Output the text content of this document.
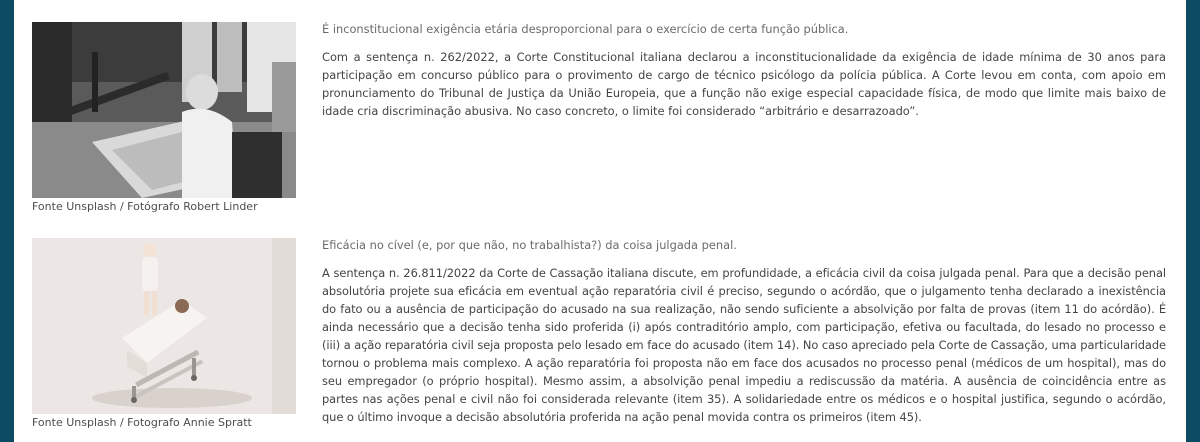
Fonte Unsplash / Fotógrafo Robert Linder

É inconstitucional exigência etária desproporcional para o exercício de certa função pública.

Com a sentença n. 262/2022, a Corte Constitucional italiana declarou a inconstitucionalidade da exigência de idade mínima de 30 anos para participação em concurso público para o provimento de cargo de técnico psicólogo da polícia pública. A Corte levou em conta, com apoio em pronunciamento do Tribunal de Justiça da União Europeia, que a função não exige especial capacidade física, de modo que limite mais baixo de idade cria discriminação abusiva. No caso concreto, o limite foi considerado “arbitrário e desarrazoado”.

Fonte Unsplash / Fotografo Annie Spratt

Eficácia no cível (e, por que não, no trabalhista?) da coisa julgada penal.

A sentença n. 26.811/2022 da Corte de Cassação italiana discute, em profundidade, a eficácia civil da coisa julgada penal. Para que a decisão penal absolutória projete sua eficácia em eventual ação reparatória civil é preciso, segundo o acórdão, que o julgamento tenha declarado a inexistência do fato ou a ausência de participação do acusado na sua realização, não sendo suficiente a absolvição por falta de provas (item 11 do acórdão). É ainda necessário que a decisão tenha sido proferida (i) após contraditório amplo, com participação, efetiva ou facultada, do lesado no processo e (iii) a ação reparatória civil seja proposta pelo lesado em face do acusado (item 14). No caso apreciado pela Corte de Cassação, uma particularidade tornou o problema mais complexo. A ação reparatória foi proposta não em face dos acusados no processo penal (médicos de um hospital), mas do seu empregador (o próprio hospital). Mesmo assim, a absolvição penal impediu a rediscussão da matéria. A ausência de coincidência entre as partes nas ações penal e civil não foi considerada relevante (item 35). A solidariedade entre os médicos e o hospital justifica, segundo o acórdão, que o último invoque a decisão absolutória proferida na ação penal movida contra os primeiros (item 45).
